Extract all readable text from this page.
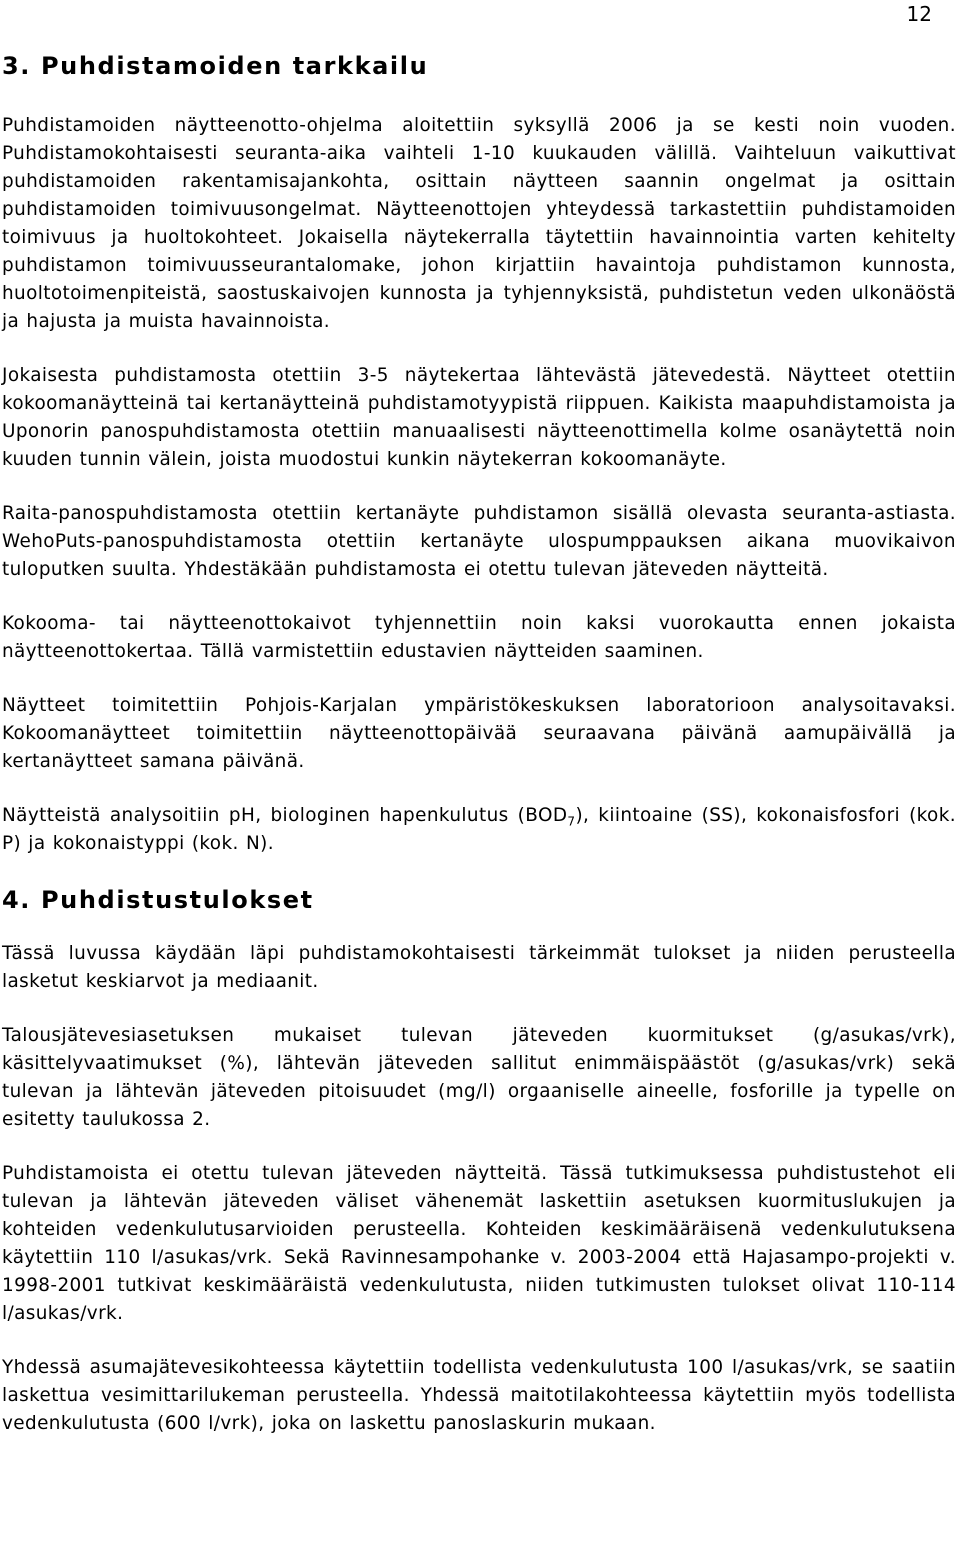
12
3. Puhdistamoiden tarkkailu

Puhdistamoiden näytteenotto-ohjelma aloitettiin syksyllä 2006 ja se kesti noin vuoden. Puhdistamokohtaisesti seuranta-aika vaihteli 1-10 kuukauden välillä. Vaihteluun vaikuttivat puhdistamoiden rakentamisajankohta, osittain näytteen saannin ongelmat ja osittain puhdistamoiden toimivuusongelmat. Näytteenottojen yhteydessä tarkastettiin puhdistamoiden toimivuus ja huoltokohteet. Jokaisella näytekerralla täytettiin havainnointia varten kehitelty puhdistamon toimivuusseurantalomake, johon kirjattiin havaintoja puhdistamon kunnosta, huoltotoimenpiteistä, saostuskaivojen kunnosta ja tyhjennyksistä, puhdistetun veden ulkonäöstä ja hajusta ja muista havainnoista.

Jokaisesta puhdistamosta otettiin 3-5 näytekertaa lähtevästä jätevedestä. Näytteet otettiin kokoomanäytteinä tai kertanäytteinä puhdistamotyypistä riippuen. Kaikista maapuhdistamoista ja Uponorin panospuhdistamosta otettiin manuaalisesti näytteenottimella kolme osanäytettä noin kuuden tunnin välein, joista muodostui kunkin näytekerran kokoomanäyte.

Raita-panospuhdistamosta otettiin kertanäyte puhdistamon sisällä olevasta seuranta-astiasta. WehoPuts-panospuhdistamosta otettiin kertanäyte ulospumppauksen aikana muovikaivon tuloputken suulta. Yhdestäkään puhdistamosta ei otettu tulevan jäteveden näytteitä.

Kokooma- tai näytteenottokaivot tyhjennettiin noin kaksi vuorokautta ennen jokaista näytteenottokertaa. Tällä varmistettiin edustavien näytteiden saaminen.

Näytteet toimitettiin Pohjois-Karjalan ympäristökeskuksen laboratorioon analysoitavaksi. Kokoomanäytteet toimitettiin näytteenottopäivää seuraavana päivänä aamupäivällä ja kertanäytteet samana päivänä.

Näytteistä analysoitiin pH, biologinen hapenkulutus $(BOD_7)$, kiintoaine (SS), kokonaisfosfori (kok. P) ja kokonaistyppi (kok. N).

4. Puhdistustulokset

Tässä luvussa käydään läpi puhdistamokohtaisesti tärkeimmät tulokset ja niiden perusteella lasketut keskiarvot ja mediaanit.

Talousjätevesiasetuksen mukaiset tulevan jäteveden kuormitukset (g/asukas/vrk), käsittelyvaatimukset (%), lähtevän jäteveden sallitut enimmäispäästöt (g/asukas/vrk) sekä tulevan ja lähtevän jäteveden pitoisuudet (mg/l) orgaaniselle aineelle, fosforille ja typelle on esitetty taulukossa 2.

Puhdistamoista ei otettu tulevan jäteveden näytteitä. Tässä tutkimuksessa puhdistustehot eli tulevan ja lähtevän jäteveden väliset vähenemät laskettiin asetuksen kuormituslukujen ja kohteiden vedenkulutusarvioiden perusteella. Kohteiden keskimääräisenä vedenkulutuksena käytettiin 110 l/asukas/vrk. Sekä Ravinnesampohanke v. 2003-2004 että Hajasampo-projekti v. 1998-2001 tutkivat keskimääräistä vedenkulutusta, niiden tutkimusten tulokset olivat 110-114 l/asukas/vrk.

Yhdessä asumajätevesikohteessa käytettiin todellista vedenkulutusta 100 l/asukas/vrk, se saatiin laskettua vesimittarilukeman perusteella. Yhdessä maitotilakohteessa käytettiin myös todellista vedenkulutusta (600 l/vrk), joka on laskettu panoslaskurin mukaan.
